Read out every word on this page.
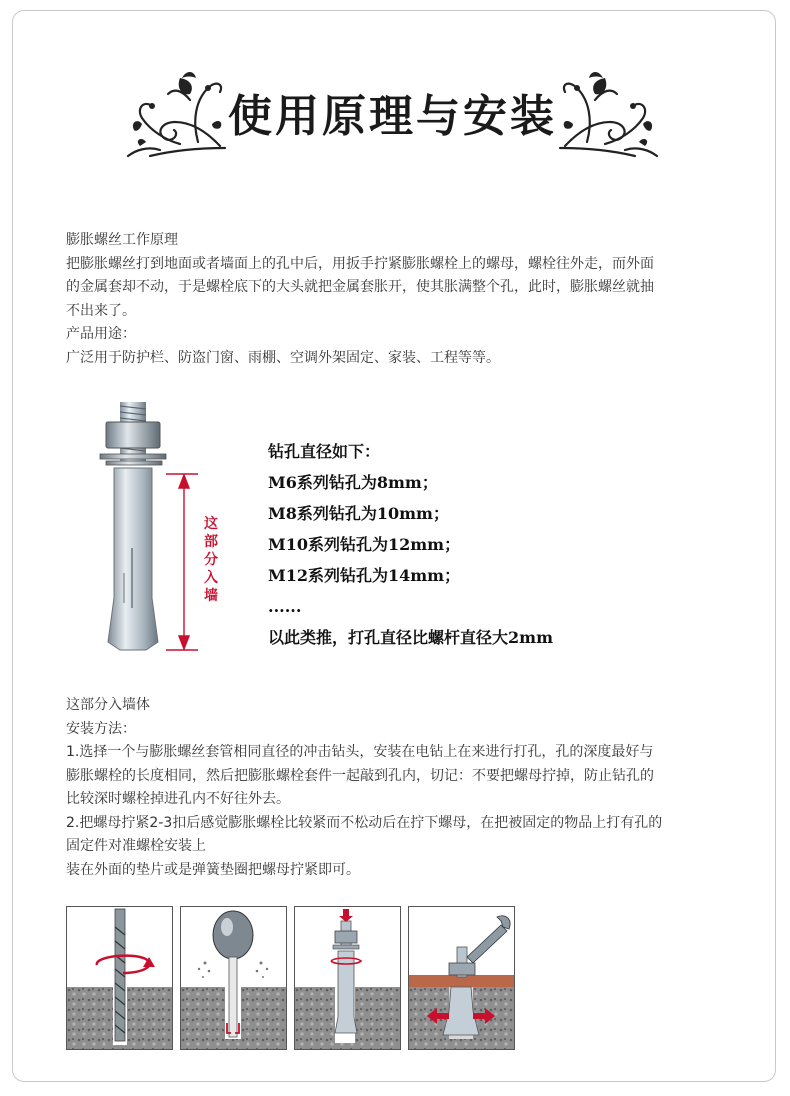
使用原理与安装

膨胀螺丝工作原理

把膨胀螺丝打到地面或者墙面上的孔中后，用扳手拧紧膨胀螺栓上的螺母，螺栓往外走，而外面

的金属套却不动，于是螺栓底下的大头就把金属套胀开，使其胀满整个孔，此时，膨胀螺丝就抽

不出来了。

产品用途：

广泛用于防护栏、防盗门窗、雨棚、空调外架固定、家装、工程等等。

这
部
分
入
墙

钻孔直径如下：

M6系列钻孔为8mm；

M8系列钻孔为10mm；

M10系列钻孔为12mm；

M12系列钻孔为14mm；

......

以此类推，打孔直径比螺杆直径大2mm

这部分入墙体

安装方法：

1.选择一个与膨胀螺丝套管相同直径的冲击钻头，安装在电钻上在来进行打孔，孔的深度最好与

膨胀螺栓的长度相同，然后把膨胀螺栓套件一起敲到孔内，切记：不要把螺母拧掉，防止钻孔的

比较深时螺栓掉进孔内不好往外去。

2.把螺母拧紧2-3扣后感觉膨胀螺栓比较紧而不松动后在拧下螺母，在把被固定的物品上打有孔的

固定件对准螺栓安装上

装在外面的垫片或是弹簧垫圈把螺母拧紧即可。
